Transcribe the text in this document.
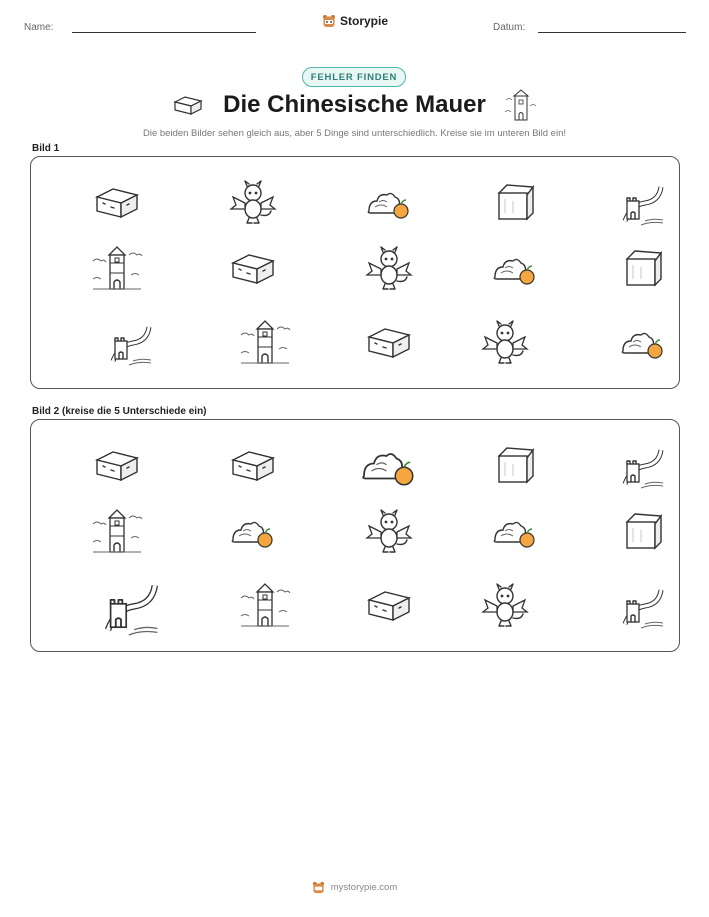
Name:	Storypie	Datum:
FEHLER FINDEN
Die Chinesische Mauer
Die beiden Bilder sehen gleich aus, aber 5 Dinge sind unterschiedlich. Kreise sie im unteren Bild ein!
Bild 1
Bild 2 (kreise die 5 Unterschiede ein)
mystorypie.com
